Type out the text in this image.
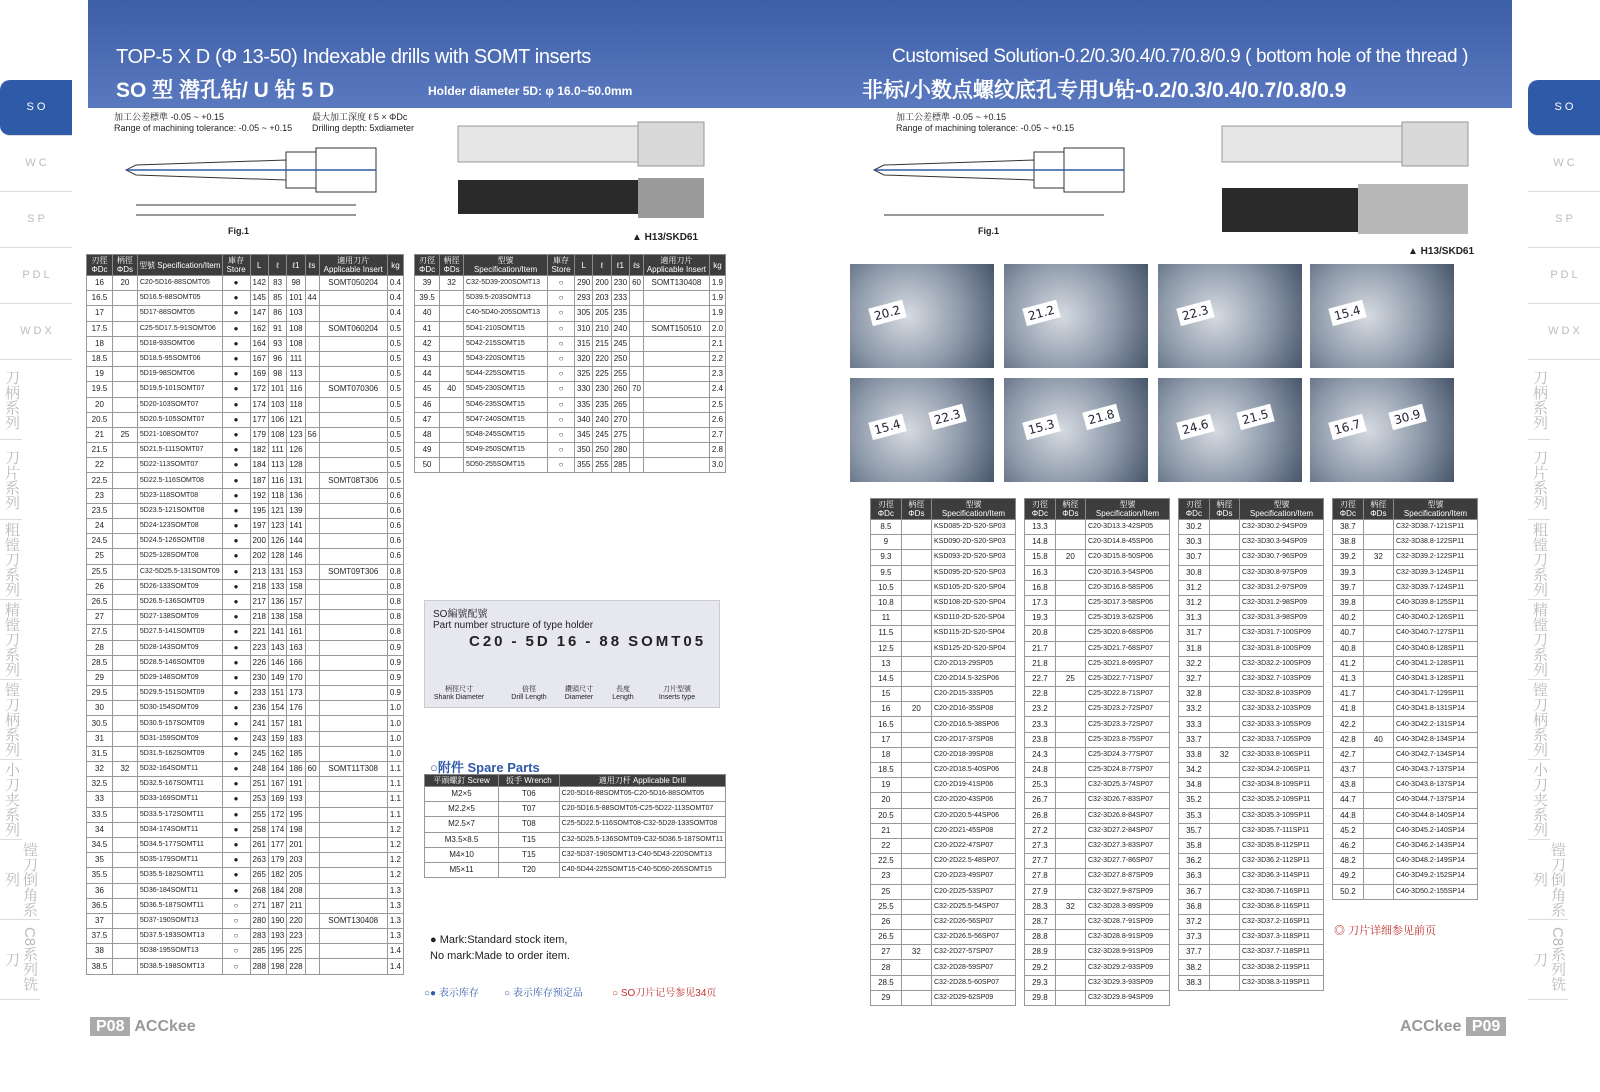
S O
W C
S P
P D L
W D X
刀柄系列
刀片系列
粗镗刀系列
精镗刀系列
镗刀柄系列
小刀夹系列
镗刀倒角系列
C8系列铣刀
S O
W C
S P
P D L
W D X
刀柄系列
刀片系列
粗镗刀系列
精镗刀系列
镗刀柄系列
小刀夹系列
镗刀倒角系列
C8系列铣刀
TOP-5 X D (Φ 13-50) Indexable drills with SOMT inserts
SO 型 潜孔钻/ U 钻 5 D	Holder diameter 5D: φ 16.0~50.0mm
Customised Solution-0.2/0.3/0.4/0.7/0.8/0.9 ( bottom hole of the thread )
非标/小数点螺纹底孔专用U钻-0.2/0.3/0.4/0.7/0.8/0.9
加工公差標準 -0.05 ~ +0.15
Range of machining tolerance: -0.05 ~ +0.15
最大加工深度 ℓ 5 × ΦDc
Drilling depth: 5xdiameter
Fig.1
▲ H13/SKD61
刃徑 ΦDc	柄徑 ΦDs	型號 Specification/Item	庫存 Store	L	ℓ	ℓ1	ℓs	適用刀片 Applicable Insert	kg
16	20	C20-5D16-88SOMT05	●	142	83	98		SOMT050204	0.4
16.5		5D16.5-88SOMT05	●	145	85	101	44		0.4
17		5D17-88SOMT05	●	147	86	103			0.4
17.5		C25-5D17.5-91SOMT06	●	162	91	108		SOMT060204	0.5
18		5D18-93SOMT06	●	164	93	108			0.5
18.5		5D18.5-95SOMT06	●	167	96	111			0.5
19		5D19-98SOMT06	●	169	98	113			0.5
19.5		5D19.5-101SOMT07	●	172	101	116		SOMT070306	0.5
20		5D20-103SOMT07	●	174	103	118			0.5
20.5		5D20.5-105SOMT07	●	177	106	121			0.5
21	25	5D21-108SOMT07	●	179	108	123	56		0.5
21.5		5D21.5-111SOMT07	●	182	111	126			0.5
22		5D22-113SOMT07	●	184	113	128			0.5
22.5		5D22.5-116SOMT08	●	187	116	131		SOMT08T306	0.5
23		5D23-118SOMT08	●	192	118	136			0.6
23.5		5D23.5-121SOMT08	●	195	121	139			0.6
24		5D24-123SOMT08	●	197	123	141			0.6
24.5		5D24.5-126SOMT08	●	200	126	144			0.6
25		5D25-128SOMT08	●	202	128	146			0.6
25.5		C32-5D25.5-131SOMT09	●	213	131	153		SOMT09T306	0.8
26		5D26-133SOMT09	●	218	133	158			0.8
26.5		5D26.5-136SOMT09	●	217	136	157			0.8
27		5D27-138SOMT09	●	218	138	158			0.8
27.5		5D27.5-141SOMT09	●	221	141	161			0.8
28		5D28-143SOMT09	●	223	143	163			0.9
28.5		5D28.5-146SOMT09	●	226	146	166			0.9
29		5D29-148SOMT09	●	230	149	170			0.9
29.5		5D29.5-151SOMT09	●	233	151	173			0.9
30		5D30-154SOMT09	●	236	154	176			1.0
30.5		5D30.5-157SOMT09	●	241	157	181			1.0
31		5D31-159SOMT09	●	243	159	183			1.0
31.5		5D31.5-162SOMT09	●	245	162	185			1.0
32	32	5D32-164SOMT11	●	248	164	186	60	SOMT11T308	1.1
32.5		5D32.5-167SOMT11	●	251	167	191			1.1
33		5D33-169SOMT11	●	253	169	193			1.1
33.5		5D33.5-172SOMT11	●	255	172	195			1.1
34		5D34-174SOMT11	●	258	174	198			1.2
34.5		5D34.5-177SOMT11	●	261	177	201			1.2
35		5D35-179SOMT11	●	263	179	203			1.2
35.5		5D35.5-182SOMT11	●	265	182	205			1.2
36		5D36-184SOMT11	●	268	184	208			1.3
36.5		5D36.5-187SOMT11	○	271	187	211			1.3
37		5D37-190SOMT13	○	280	190	220		SOMT130408	1.3
37.5		5D37.5-193SOMT13	○	283	193	223			1.3
38		5D38-195SOMT13	○	285	195	225			1.4
38.5		5D38.5-198SOMT13	○	288	198	228			1.4
刃徑 ΦDc	柄徑 ΦDs	型號 Specification/Item	庫存 Store	L	ℓ	ℓ1	ℓs	適用刀片 Applicable Insert	kg
39	32	C32-5D39-200SOMT13	○	290	200	230	60	SOMT130408	1.9
39.5		5D39.5-203SOMT13	○	293	203	233			1.9
40		C40-5D40-205SOMT13	○	305	205	235			1.9
41		5D41-210SOMT15	○	310	210	240		SOMT150510	2.0
42		5D42-215SOMT15	○	315	215	245			2.1
43		5D43-220SOMT15	○	320	220	250			2.2
44		5D44-225SOMT15	○	325	225	255			2.3
45	40	5D45-230SOMT15	○	330	230	260	70		2.4
46		5D46-235SOMT15	○	335	235	265			2.5
47		5D47-240SOMT15	○	340	240	270			2.6
48		5D48-245SOMT15	○	345	245	275			2.7
49		5D49-250SOMT15	○	350	250	280			2.8
50		5D50-255SOMT15	○	355	255	285			3.0
SO編號配號
Part number structure of type holder
C20 - 5D 16 - 88 SOMT05
柄徑尺寸
Shank Diameter
倍徑
Drill Length
鑽頭尺寸
Diameter
長度
Length
刀片型號
Inserts type
○附件 Spare Parts
平頭螺釘 Screw	扳手 Wrench	適用刀杆 Applicable Drill
M2×5	T06	C20-5D16-88SOMT05-C20-5D16-88SOMT05
M2.2×5	T07	C20-5D16.5-88SOMT05-C25-5D22-113SOMT07
M2.5×7	T08	C25-5D22.5-116SOMT08-C32-5D28-133SOMT08
M3.5×8.5	T15	C32-5D25.5-136SOMT09-C32-5D36.5-187SOMT11
M4×10	T15	C32-5D37-190SOMT13-C40-5D43-220SOMT13
M5×11	T20	C40-5D44-225SOMT15-C40-5D50-265SOMT15
● Mark:Standard stock item,
No mark:Made to order item.
○● 表示库存	○ 表示库存预定品	○ SO刀片记号参见34页
加工公差標準 -0.05 ~ +0.15
Range of machining tolerance: -0.05 ~ +0.15
Fig.1
▲ H13/SKD61
20.2	21.2	22.3	15.4
15.4	22.3	15.3	21.8	24.6	21.5	16.7	30.9
刃徑 ΦDc	柄徑 ΦDs	型號 Specification/Item
8.5		KSD085-2D-S20-SP03
9		KSD090-2D-S20-SP03
9.3		KSD093-2D-S20-SP03
9.5		KSD095-2D-S20-SP03
10.5		KSD105-2D-S20-SP04
10.8		KSD108-2D-S20-SP04
11		KSD110-2D-S20-SP04
11.5		KSD115-2D-S20-SP04
12.5		KSD125-2D-S20-SP04
13		C20-2D13-29SP05
14.5		C20-2D14.5-32SP06
15		C20-2D15-33SP05
16	20	C20-2D16-35SP08
16.5		C20-2D16.5-38SP06
17		C20-2D17-37SP08
18		C20-2D18-39SP08
18.5		C20-2D18.5-40SP06
19		C20-2D19-41SP06
20		C20-2D20-43SP06
20.5		C20-2D20.5-44SP06
21		C20-2D21-45SP08
22		C20-2D22-47SP07
22.5		C20-2D22.5-48SP07
23		C20-2D23-49SP07
25		C20-2D25-53SP07
25.5		C32-2D25.5-54SP07
26		C32-2D26-56SP07
26.5		C32-2D26.5-56SP07
27	32	C32-2D27-57SP07
28		C32-2D28-59SP07
28.5		C32-2D28.5-60SP07
29		C32-2D29-62SP09
刃徑 ΦDc	柄徑 ΦDs	型號 Specification/Item
13.3		C20-3D13.3-42SP05
14.8		C20-3D14.8-45SP06
15.8	20	C20-3D15.8-50SP06
16.3		C20-3D16.3-54SP06
16.8		C20-3D16.8-58SP06
17.3		C25-3D17.3-58SP06
19.3		C25-3D19.3-62SP06
20.8		C25-3D20.8-68SP06
21.7		C25-3D21.7-68SP07
21.8		C25-3D21.8-69SP07
22.7	25	C25-3D22.7-71SP07
22.8		C25-3D22.8-71SP07
23.2		C25-3D23.2-72SP07
23.3		C25-3D23.3-72SP07
23.8		C25-3D23.8-75SP07
24.3		C25-3D24.3-77SP07
24.8		C25-3D24.8-77SP07
25.3		C32-3D25.3-74SP07
26.7		C32-3D26.7-83SP07
26.8		C32-3D26.8-84SP07
27.2		C32-3D27.2-84SP07
27.3		C32-3D27.3-83SP07
27.7		C32-3D27.7-86SP07
27.8		C32-3D27.8-87SP09
27.9		C32-3D27.9-87SP09
28.3	32	C32-3D28.3-89SP09
28.7		C32-3D28.7-91SP09
28.8		C32-3D28.8-91SP09
28.9		C32-3D28.9-91SP09
29.2		C32-3D29.2-93SP09
29.3		C32-3D29.3-93SP09
29.8		C32-3D29.8-94SP09
刃徑 ΦDc	柄徑 ΦDs	型號 Specification/Item
30.2		C32-3D30.2-94SP09
30.3		C32-3D30.3-94SP09
30.7		C32-3D30.7-96SP09
30.8		C32-3D30.8-97SP09
31.2		C32-3D31.2-97SP09
31.2		C32-3D31.2-98SP09
31.3		C32-3D31.3-98SP09
31.7		C32-3D31.7-100SP09
31.8		C32-3D31.8-100SP09
32.2		C32-3D32.2-100SP09
32.7		C32-3D32.7-103SP09
32.8		C32-3D32.8-103SP09
33.2		C32-3D33.2-103SP09
33.3		C32-3D33.3-105SP09
33.7		C32-3D33.7-105SP09
33.8	32	C32-3D33.8-106SP11
34.2		C32-3D34.2-106SP11
34.8		C32-3D34.8-109SP11
35.2		C32-3D35.2-109SP11
35.3		C32-3D35.3-109SP11
35.7		C32-3D35.7-111SP11
35.8		C32-3D35.8-112SP11
36.2		C32-3D36.2-112SP11
36.3		C32-3D36.3-114SP11
36.7		C32-3D36.7-116SP11
36.8		C32-3D36.8-116SP11
37.2		C32-3D37.2-116SP11
37.3		C32-3D37.3-118SP11
37.7		C32-3D37.7-118SP11
38.2		C32-3D38.2-119SP11
38.3		C32-3D38.3-119SP11
刃徑 ΦDc	柄徑 ΦDs	型號 Specification/Item
38.7		C32-3D38.7-121SP11
38.8		C32-3D38.8-122SP11
39.2	32	C32-3D39.2-122SP11
39.3		C32-3D39.3-124SP11
39.7		C32-3D39.7-124SP11
39.8		C40-3D39.8-125SP11
40.2		C40-3D40.2-126SP11
40.7		C40-3D40.7-127SP11
40.8		C40-3D40.8-128SP11
41.2		C40-3D41.2-128SP11
41.3		C40-3D41.3-128SP11
41.7		C40-3D41.7-129SP11
41.8		C40-3D41.8-131SP14
42.2		C40-3D42.2-131SP14
42.8	40	C40-3D42.8-134SP14
42.7		C40-3D42.7-134SP14
43.7		C40-3D43.7-137SP14
43.8		C40-3D43.8-137SP14
44.7		C40-3D44.7-137SP14
44.8		C40-3D44.8-140SP14
45.2		C40-3D45.2-140SP14
46.2		C40-3D46.2-143SP14
48.2		C40-3D48.2-149SP14
49.2		C40-3D49.2-152SP14
50.2		C40-3D50.2-155SP14
◎ 刀片详细参见前页
P08 ACCkee	ACCkee P09
